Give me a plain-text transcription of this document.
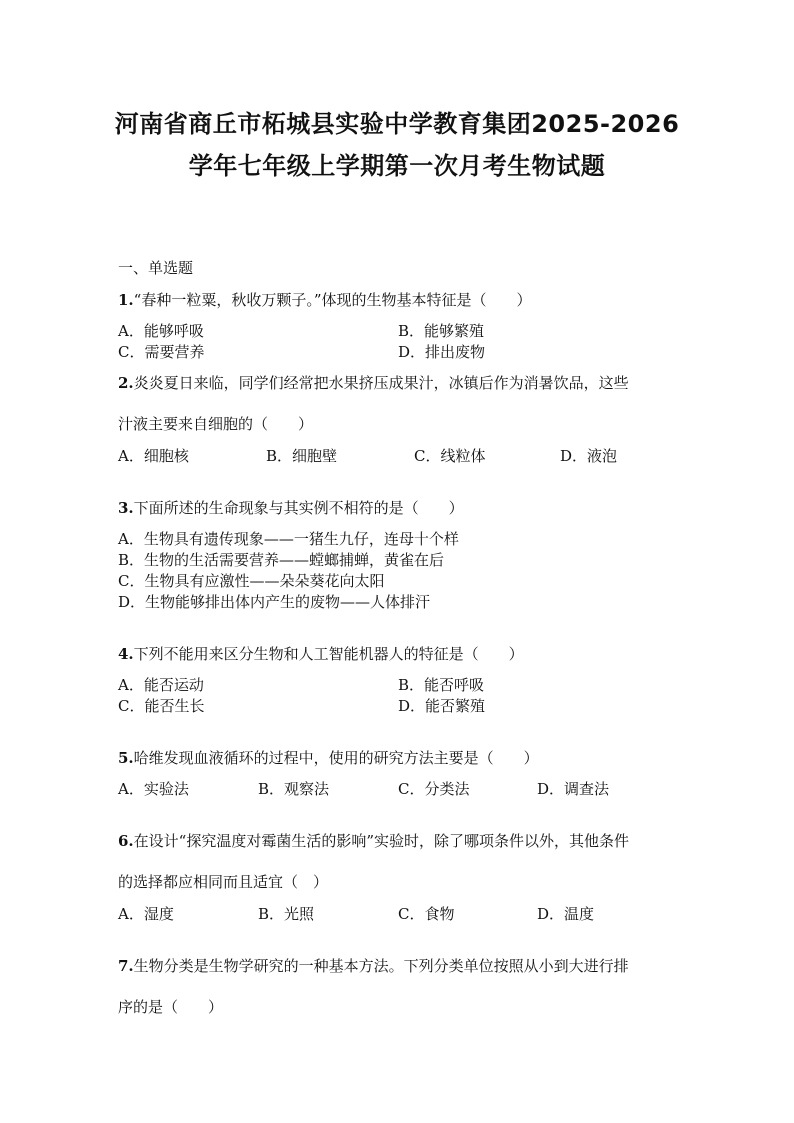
河南省商丘市柘城县实验中学教育集团2025-2026
学年七年级上学期第一次月考生物试题
一、单选题
1.“春种一粒粟，秋收万颗子。”体现的生物基本特征是（　　）
A．能够呼吸	B．能够繁殖
C．需要营养	D．排出废物
2.炎炎夏日来临，同学们经常把水果挤压成果汁，冰镇后作为消暑饮品，这些
汁液主要来自细胞的（　　）
A．细胞核	B．细胞壁	C．线粒体	D．液泡
3.下面所述的生命现象与其实例不相符的是（　　）
A．生物具有遗传现象——一猪生九仔，连母十个样
B．生物的生活需要营养——螳螂捕蝉，黄雀在后
C．生物具有应激性——朵朵葵花向太阳
D．生物能够排出体内产生的废物——人体排汗
4.下列不能用来区分生物和人工智能机器人的特征是（　　）
A．能否运动	B．能否呼吸
C．能否生长	D．能否繁殖
5.哈维发现血液循环的过程中，使用的研究方法主要是（　　）
A．实验法	B．观察法	C．分类法	D．调查法
6.在设计“探究温度对霉菌生活的影响”实验时，除了哪项条件以外，其他条件
的选择都应相同而且适宜（　）
A．湿度	B．光照	C．食物	D．温度
7.生物分类是生物学研究的一种基本方法。下列分类单位按照从小到大进行排
序的是（　　）
